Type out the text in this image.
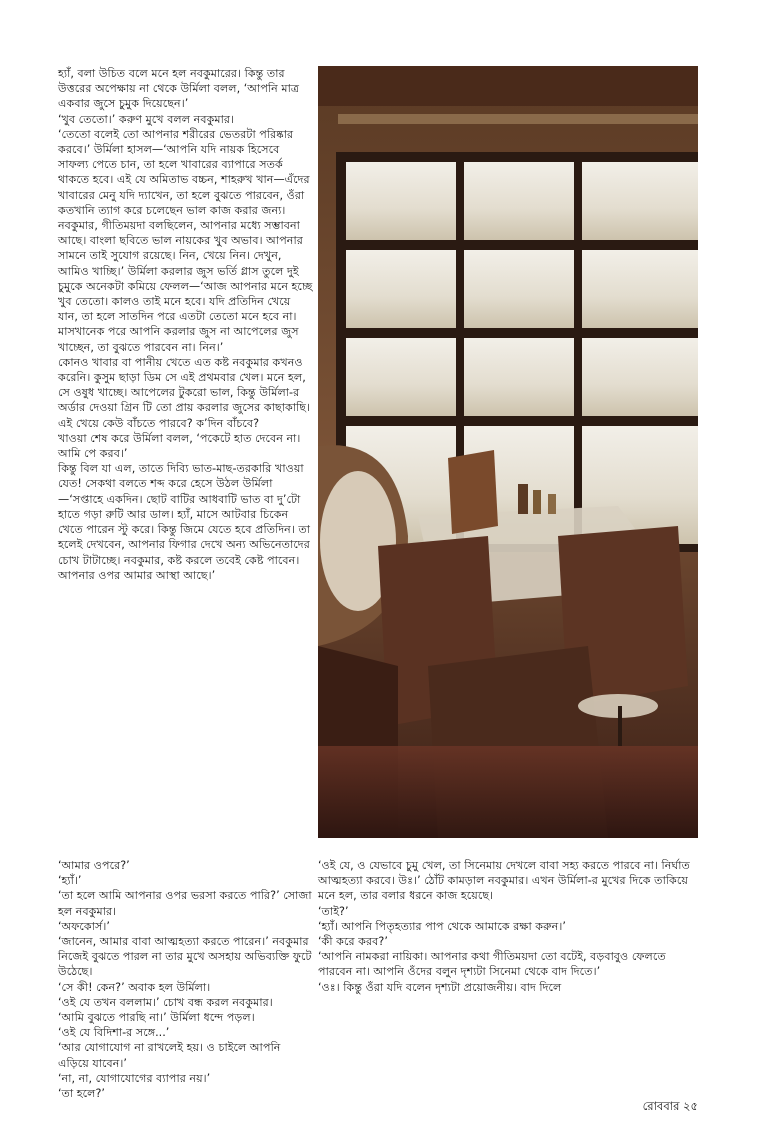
হ্যাঁ, বলা উচিত বলে মনে হল নবকুমারের। কিন্তু তার উত্তরের অপেক্ষায় না থেকে উর্মিলা বলল, ‘আপনি মাত্র একবার জুসে চুমুক দিয়েছেন।’

‘খুব তেতো।’ করুণ মুখে বলল নবকুমার।

‘তেতো বলেই তো আপনার শরীরের ভেতরটা পরিষ্কার করবে।’ উর্মিলা হাসল—‘আপনি যদি নায়ক হিসেবে সাফল্য পেতে চান, তা হলে খাবারের ব্যাপারে সতর্ক থাকতে হবে। এই যে অমিতাভ বচ্চন, শাহরুখ খান—এঁদের খাবারের মেনু যদি দ্যাখেন, তা হলে বুঝতে পারবেন, ওঁরা কতখানি ত্যাগ করে চলেছেন ভাল কাজ করার জন্য। নবকুমার, গীতিময়দা বলছিলেন, আপনার মধ্যে সম্ভাবনা আছে। বাংলা ছবিতে ভাল নায়কের খুব অভাব। আপনার সামনে তাই সুযোগ রয়েছে। নিন, খেয়ে নিন। দেখুন, আমিও খাচ্ছি।’ উর্মিলা করলার জুস ভর্তি গ্লাস তুলে দুই চুমুকে অনেকটা কমিয়ে ফেলল—‘আজ আপনার মনে হচ্ছে খুব তেতো। কালও তাই মনে হবে। যদি প্রতিদিন খেয়ে যান, তা হলে সাতদিন পরে এতটা তেতো মনে হবে না। মাসখানেক পরে আপনি করলার জুস না আপেলের জুস খাচ্ছেন, তা বুঝতে পারবেন না। নিন।’

কোনও খাবার বা পানীয় খেতে এত কষ্ট নবকুমার কখনও করেনি। কুসুম ছাড়া ডিম সে এই প্রথমবার খেল। মনে হল, সে ওষুধ খাচ্ছে। আপেলের টুকরো ভাল, কিন্তু উর্মিলা-র অর্ডার দেওয়া গ্রিন টি তো প্রায় করলার জুসের কাছাকাছি। এই খেয়ে কেউ বাঁচতে পারবে? ক’দিন বাঁচবে?

খাওয়া শেষ করে উর্মিলা বলল, ‘পকেটে হাত দেবেন না। আমি পে করব।’

কিন্তু বিল যা এল, তাতে দিব্যি ভাত-মাছ-তরকারি খাওয়া যেত! সেকথা বলতে শব্দ করে হেসে উঠল উর্মিলা—‘সপ্তাহে একদিন। ছোট বাটির আধবাটি ভাত বা দু’টো হাতে গড়া রুটি আর ডাল। হ্যাঁ, মাসে আটবার চিকেন খেতে পারেন স্টু করে। কিন্তু জিমে যেতে হবে প্রতিদিন। তা হলেই দেখবেন, আপনার ফিগার দেখে অন্য অভিনেতাদের চোখ টাটাচ্ছে। নবকুমার, কষ্ট করলে তবেই কেষ্ট পাবেন। আপনার ওপর আমার আস্থা আছে।’

‘আমার ওপরে?’

‘হ্যাঁ।’

‘তা হলে আমি আপনার ওপর ভরসা করতে পারি?’ সোজা হল নবকুমার।

‘অফকোর্স।’

‘জানেন, আমার বাবা আত্মহত্যা করতে পারেন।’ নবকুমার নিজেই বুঝতে পারল না তার মুখে অসহায় অভিব্যক্তি ফুটে উঠেছে।

‘সে কী! কেন?’ অবাক হল উর্মিলা।

‘ওই যে তখন বললাম।’ চোখ বন্ধ করল নবকুমার।

‘আমি বুঝতে পারছি না।’ উর্মিলা ধন্দে পড়ল।

‘ওই যে বিদিশা-র সঙ্গে...’

‘আর যোগাযোগ না রাখলেই হয়। ও চাইলে আপনি এড়িয়ে যাবেন।’

‘না, না, যোগাযোগের ব্যাপার নয়।’

‘তা হলে?’

‘ওই যে, ও যেভাবে চুমু খেল, তা সিনেমায় দেখলে বাবা সহ্য করতে পারবে না। নির্ঘাত আত্মহত্যা করবে। উঃ।’ ঠোঁট কামড়াল নবকুমার। এখন উর্মিলা-র মুখের দিকে তাকিয়ে মনে হল, তার বলার ধরনে কাজ হয়েছে।

‘তাই?’

‘হ্যাঁ। আপনি পিতৃহত্যার পাপ থেকে আমাকে রক্ষা করুন।’

‘কী করে করব?’

‘আপনি নামকরা নায়িকা। আপনার কথা গীতিময়দা তো বটেই, বড়বাবুও ফেলতে পারবেন না। আপনি ওঁদের বলুন দৃশ্যটা সিনেমা থেকে বাদ দিতে।’

‘ওঃ। কিন্তু ওঁরা যদি বলেন দৃশ্যটা প্রয়োজনীয়। বাদ দিলে

রোববার ২৫
